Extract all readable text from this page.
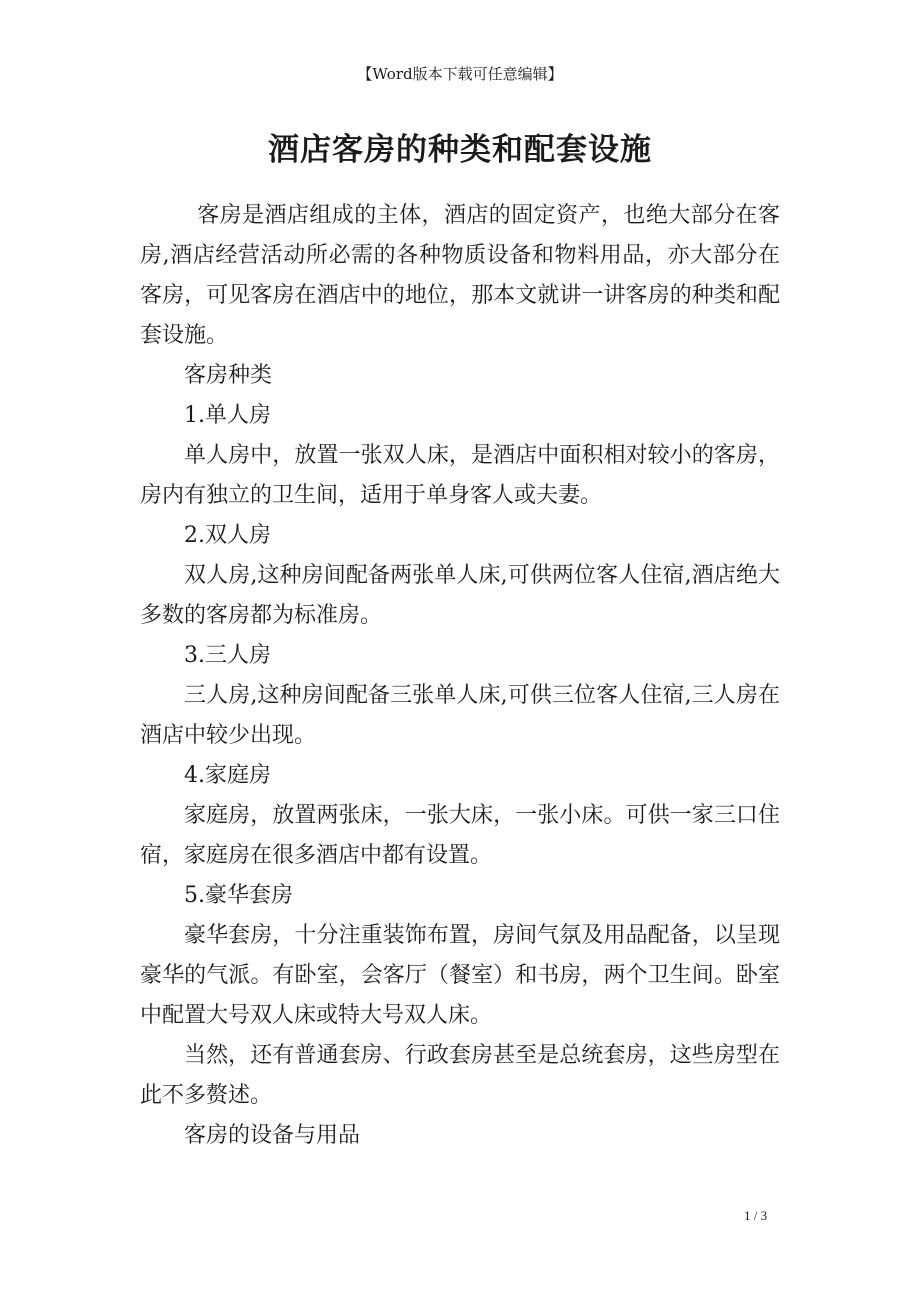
【Word版本下载可任意编辑】
酒店客房的种类和配套设施

客房是酒店组成的主体，酒店的固定资产，也绝大部分在客房,酒店经营活动所必需的各种物质设备和物料用品，亦大部分在客房，可见客房在酒店中的地位，那本文就讲一讲客房的种类和配套设施。

客房种类

1.单人房

单人房中，放置一张双人床，是酒店中面积相对较小的客房，房内有独立的卫生间，适用于单身客人或夫妻。

2.双人房

双人房,这种房间配备两张单人床,可供两位客人住宿,酒店绝大多数的客房都为标准房。

3.三人房

三人房,这种房间配备三张单人床,可供三位客人住宿,三人房在酒店中较少出现。

4.家庭房

家庭房，放置两张床，一张大床，一张小床。可供一家三口住宿，家庭房在很多酒店中都有设置。

5.豪华套房

豪华套房，十分注重装饰布置，房间气氛及用品配备，以呈现豪华的气派。有卧室，会客厅（餐室）和书房，两个卫生间。卧室中配置大号双人床或特大号双人床。

当然，还有普通套房、行政套房甚至是总统套房，这些房型在此不多赘述。

客房的设备与用品

1 / 3
